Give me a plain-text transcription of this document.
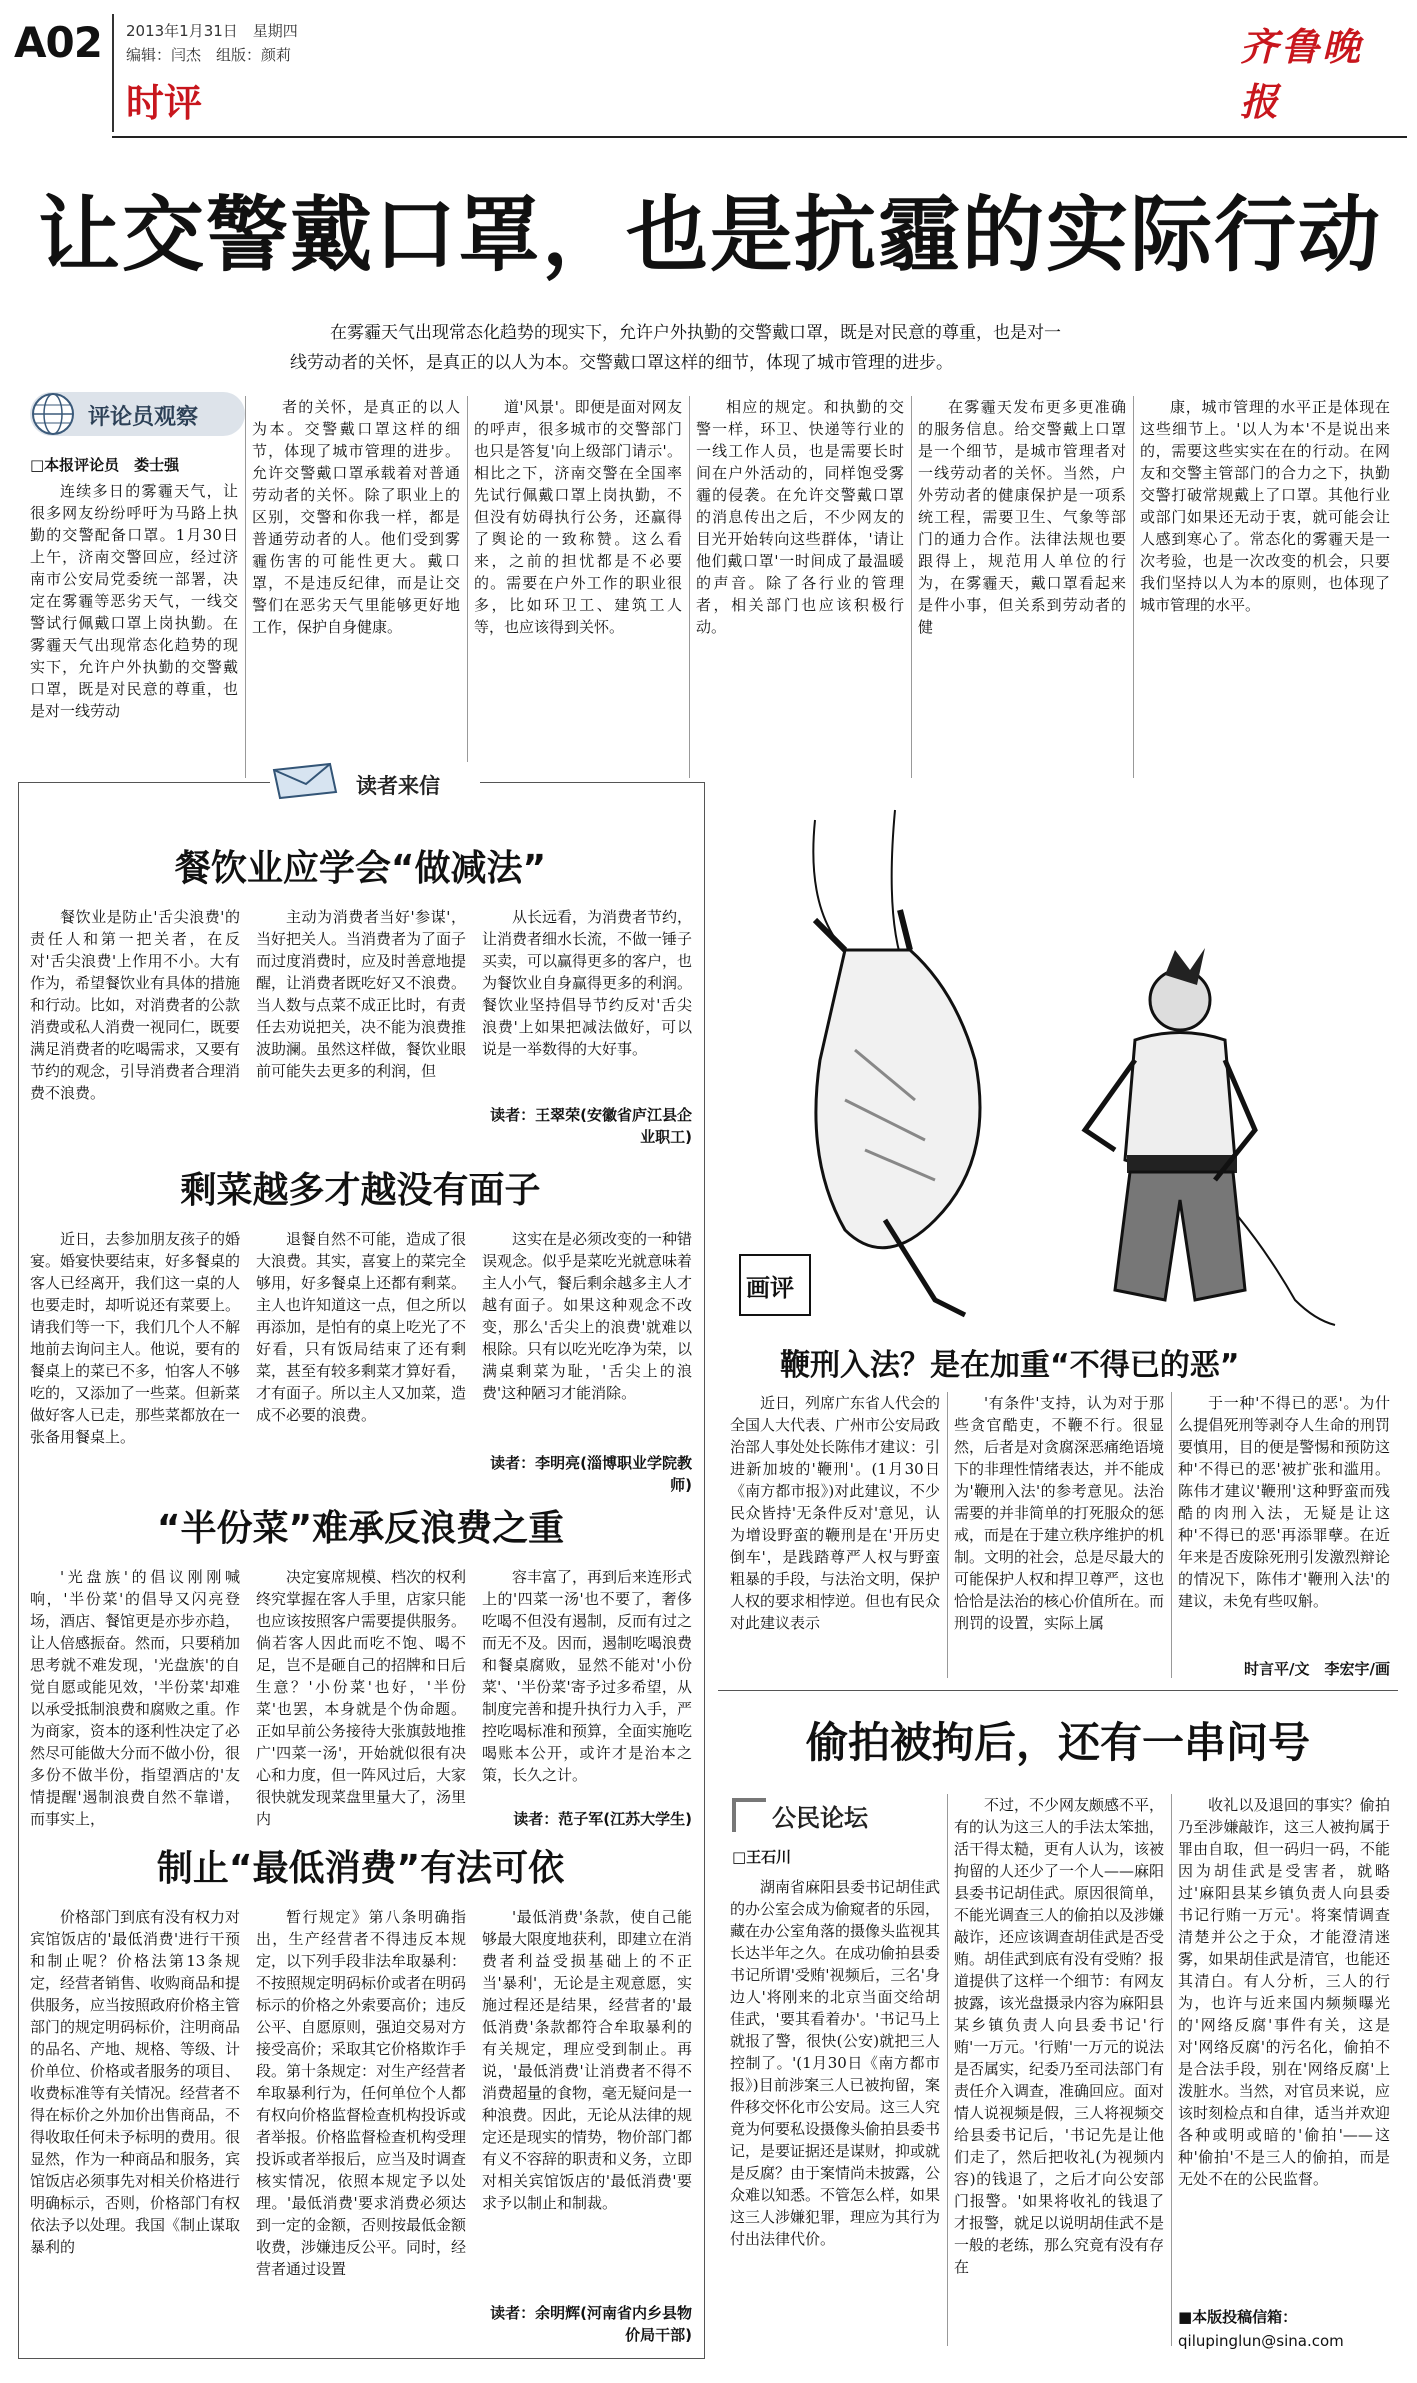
A02 2013年1月31日　星期四
编辑：闫杰　组版：颜莉
时评
齐鲁晚报
让交警戴口罩，也是抗霾的实际行动
在雾霾天气出现常态化趋势的现实下，允许户外执勤的交警戴口罩，既是对民意的尊重，也是对一
线劳动者的关怀，是真正的以人为本。交警戴口罩这样的细节，体现了城市管理的进步。
评论员观察
□本报评论员　娄士强

连续多日的雾霾天气，让很多网友纷纷呼吁为马路上执勤的交警配备口罩。1月30日上午，济南交警回应，经过济南市公安局党委统一部署，决定在雾霾等恶劣天气，一线交警试行佩戴口罩上岗执勤。在雾霾天气出现常态化趋势的现实下，允许户外执勤的交警戴口罩，既是对民意的尊重，也是对一线劳动

者的关怀，是真正的以人为本。交警戴口罩这样的细节，体现了城市管理的进步。允许交警戴口罩承载着对普通劳动者的关怀。除了职业上的区别，交警和你我一样，都是普通劳动者的人。他们受到雾霾伤害的可能性更大。戴口罩，不是违反纪律，而是让交警们在恶劣天气里能够更好地工作，保护自身健康。

道'风景'。即便是面对网友的呼声，很多城市的交警部门也只是答复'向上级部门请示'。相比之下，济南交警在全国率先试行佩戴口罩上岗执勤，不但没有妨碍执行公务，还赢得了舆论的一致称赞。这么看来，之前的担忧都是不必要的。需要在户外工作的职业很多，比如环卫工、建筑工人等，也应该得到关怀。

相应的规定。和执勤的交警一样，环卫、快递等行业的一线工作人员，也是需要长时间在户外活动的，同样饱受雾霾的侵袭。在允许交警戴口罩的消息传出之后，不少网友的目光开始转向这些群体，'请让他们戴口罩'一时间成了最温暖的声音。除了各行业的管理者，相关部门也应该积极行动。

在雾霾天发布更多更准确的服务信息。给交警戴上口罩是一个细节，是城市管理者对一线劳动者的关怀。当然，户外劳动者的健康保护是一项系统工程，需要卫生、气象等部门的通力合作。法律法规也要跟得上，规范用人单位的行为，在雾霾天，戴口罩看起来是件小事，但关系到劳动者的健

康，城市管理的水平正是体现在这些细节上。'以人为本'不是说出来的，需要这些实实在在的行动。在网友和交警主管部门的合力之下，执勤交警打破常规戴上了口罩。其他行业或部门如果还无动于衷，就可能会让人感到寒心了。常态化的雾霾天是一次考验，也是一次改变的机会，只要我们坚持以人为本的原则，也体现了城市管理的水平。

读者来信
餐饮业应学会“做减法”

餐饮业是防止'舌尖浪费'的责任人和第一把关者，在反对'舌尖浪费'上作用不小。大有作为，希望餐饮业有具体的措施和行动。比如，对消费者的公款消费或私人消费一视同仁，既要满足消费者的吃喝需求，又要有节约的观念，引导消费者合理消费不浪费。

主动为消费者当好'参谋'，当好把关人。当消费者为了面子而过度消费时，应及时善意地提醒，让消费者既吃好又不浪费。当人数与点菜不成正比时，有责任去劝说把关，决不能为浪费推波助澜。虽然这样做，餐饮业眼前可能失去更多的利润，但

从长远看，为消费者节约，让消费者细水长流，不做一锤子买卖，可以赢得更多的客户，也为餐饮业自身赢得更多的利润。餐饮业坚持倡导节约反对'舌尖浪费'上如果把减法做好，可以说是一举数得的大好事。

读者：王翠荣(安徽省庐江县企业职工)
剩菜越多才越没有面子

近日，去参加朋友孩子的婚宴。婚宴快要结束，好多餐桌的客人已经离开，我们这一桌的人也要走时，却听说还有菜要上。请我们等一下，我们几个人不解地前去询问主人。他说，要有的餐桌上的菜已不多，怕客人不够吃的，又添加了一些菜。但新菜做好客人已走，那些菜都放在一张备用餐桌上。

退餐自然不可能，造成了很大浪费。其实，喜宴上的菜完全够用，好多餐桌上还都有剩菜。主人也许知道这一点，但之所以再添加，是怕有的桌上吃光了不好看，只有饭局结束了还有剩菜，甚至有较多剩菜才算好看，才有面子。所以主人又加菜，造成不必要的浪费。

这实在是必须改变的一种错误观念。似乎是菜吃光就意味着主人小气，餐后剩余越多主人才越有面子。如果这种观念不改变，那么'舌尖上的浪费'就难以根除。只有以吃光吃净为荣，以满桌剩菜为耻，'舌尖上的浪费'这种陋习才能消除。

读者：李明亮(淄博职业学院教师)
“半份菜”难承反浪费之重

'光盘族'的倡议刚刚喊响，'半份菜'的倡导又闪亮登场，酒店、餐馆更是亦步亦趋，让人倍感振奋。然而，只要稍加思考就不难发现，'光盘族'的自觉自愿或能见效，'半份菜'却难以承受抵制浪费和腐败之重。作为商家，资本的逐利性决定了必然尽可能做大分而不做小份，很多份不做半份，指望酒店的'友情提醒'遏制浪费自然不靠谱，而事实上，

决定宴席规模、档次的权利终究掌握在客人手里，店家只能也应该按照客户需要提供服务。倘若客人因此而吃不饱、喝不足，岂不是砸自己的招牌和日后生意？'小份菜'也好，'半份菜'也罢，本身就是个伪命题。正如早前公务接待大张旗鼓地推广'四菜一汤'，开始就似很有决心和力度，但一阵风过后，大家很快就发现菜盘里量大了，汤里内

容丰富了，再到后来连形式上的'四菜一汤'也不要了，奢侈吃喝不但没有遏制，反而有过之而无不及。因而，遏制吃喝浪费和餐桌腐败，显然不能对'小份菜'、'半份菜'寄予过多希望，从制度完善和提升执行力入手，严控吃喝标准和预算，全面实施吃喝账本公开，或许才是治本之策，长久之计。

读者：范子军(江苏大学生)
制止“最低消费”有法可依

价格部门到底有没有权力对宾馆饭店的'最低消费'进行干预和制止呢？价格法第13条规定，经营者销售、收购商品和提供服务，应当按照政府价格主管部门的规定明码标价，注明商品的品名、产地、规格、等级、计价单位、价格或者服务的项目、收费标准等有关情况。经营者不得在标价之外加价出售商品，不得收取任何未予标明的费用。很显然，作为一种商品和服务，宾馆饭店必须事先对相关价格进行明确标示，否则，价格部门有权依法予以处理。我国《制止谋取暴利的

暂行规定》第八条明确指出，生产经营者不得违反本规定，以下列手段非法牟取暴利：不按照规定明码标价或者在明码标示的价格之外索要高价；违反公平、自愿原则，强迫交易对方接受高价；采取其它价格欺诈手段。第十条规定：对生产经营者牟取暴利行为，任何单位个人都有权向价格监督检查机构投诉或者举报。价格监督检查机构受理投诉或者举报后，应当及时调查核实情况，依照本规定予以处理。'最低消费'要求消费必须达到一定的金额，否则按最低金额收费，涉嫌违反公平。同时，经营者通过设置

'最低消费'条款，使自己能够最大限度地获利，即建立在消费者利益受损基础上的不正当'暴利'，无论是主观意愿，实施过程还是结果，经营者的'最低消费'条款都符合牟取暴利的有关规定，理应受到制止。再说，'最低消费'让消费者不得不消费超量的食物，毫无疑问是一种浪费。因此，无论从法律的规定还是现实的情势，物价部门都有义不容辞的职责和义务，立即对相关宾馆饭店的'最低消费'要求予以制止和制裁。

读者：余明辉(河南省内乡县物价局干部)
画评
鞭刑入法？是在加重“不得已的恶”

近日，列席广东省人代会的全国人大代表、广州市公安局政治部人事处处长陈伟才建议：引进新加坡的'鞭刑'。(1月30日《南方都市报》)对此建议，不少民众皆持'无条件反对'意见，认为增设野蛮的鞭刑是在'开历史倒车'，是践踏尊严人权与野蛮粗暴的手段，与法治文明，保护人权的要求相悖逆。但也有民众对此建议表示

'有条件'支持，认为对于那些贪官酷吏，不鞭不行。很显然，后者是对贪腐深恶痛绝语境下的非理性情绪表达，并不能成为'鞭刑入法'的参考意见。法治需要的并非简单的打死服众的惩戒，而是在于建立秩序维护的机制。文明的社会，总是尽最大的可能保护人权和捍卫尊严，这也恰恰是法治的核心价值所在。而刑罚的设置，实际上属

于一种'不得已的恶'。为什么提倡死刑等剥夺人生命的刑罚要慎用，目的便是警惕和预防这种'不得已的恶'被扩张和滥用。陈伟才建议'鞭刑'这种野蛮而残酷的肉刑入法，无疑是让这种'不得已的恶'再添罪孽。在近年来是否废除死刑引发激烈辩论的情况下，陈伟才'鞭刑入法'的建议，未免有些叹斛。

时言平/文　李宏宇/画
偷拍被拘后，还有一串问号
公民论坛
□王石川

湖南省麻阳县委书记胡佳武的办公室会成为偷窥者的乐园，藏在办公室角落的摄像头监视其长达半年之久。在成功偷拍县委书记所谓'受贿'视频后，三名'身边人'将刚来的北京当面交给胡佳武，'要其看着办'。'书记马上就报了警，很快(公安)就把三人控制了。'(1月30日《南方都市报》)目前涉案三人已被拘留，案件移交怀化市公安局。这三人究竟为何要私设摄像头偷拍县委书记，是要证据还是谋财，抑或就是反腐？由于案情尚未披露，公众难以知悉。不管怎么样，如果这三人涉嫌犯罪，理应为其行为付出法律代价。

不过，不少网友颇感不平，有的认为这三人的手法太笨拙，活干得太糙，更有人认为，该被拘留的人还少了一个人——麻阳县委书记胡佳武。原因很简单，不能光调查三人的偷拍以及涉嫌敲诈，还应该调查胡佳武是否受贿。胡佳武到底有没有受贿？报道提供了这样一个细节：有网友披露，该光盘摄录内容为麻阳县某乡镇负责人向县委书记'行贿'一万元。'行贿'一万元的说法是否属实，纪委乃至司法部门有责任介入调查，准确回应。面对情人说视频是假，三人将视频交给县委书记后，'书记先是让他们走了，然后把收礼(为视频内容)的钱退了，之后才向公安部门报警。'如果将收礼的钱退了才报警，就足以说明胡佳武不是一般的老练，那么究竟有没有存在

收礼以及退回的事实？偷拍乃至涉嫌敲诈，这三人被拘属于罪由自取，但一码归一码，不能因为胡佳武是受害者，就略过'麻阳县某乡镇负责人向县委书记行贿一万元'。将案情调查清楚并公之于众，才能澄清迷雾，如果胡佳武是清官，也能还其清白。有人分析，三人的行为，也许与近来国内频频曝光的'网络反腐'事件有关，这是对'网络反腐'的污名化，偷拍不是合法手段，别在'网络反腐'上泼脏水。当然，对官员来说，应该时刻检点和自律，适当并欢迎各种或明或暗的'偷拍'——这种'偷拍'不是三人的偷拍，而是无处不在的公民监督。

■本版投稿信箱：
qilupinglun@sina.com
